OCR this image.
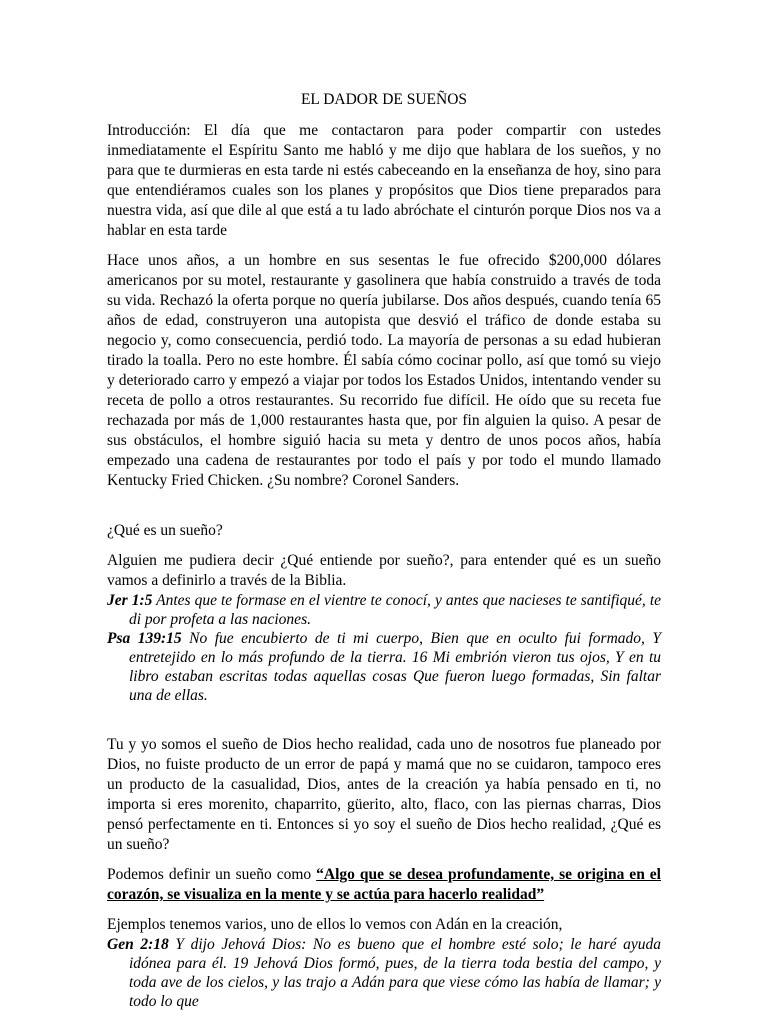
EL DADOR DE SUEÑOS

Introducción: El día que me contactaron para poder compartir con ustedes inmediatamente el Espíritu Santo me habló y me dijo que hablara de los sueños, y no para que te durmieras en esta tarde ni estés cabeceando en la enseñanza de hoy, sino para que entendiéramos cuales son los planes y propósitos que Dios tiene preparados para nuestra vida, así que dile al que está a tu lado abróchate el cinturón porque Dios nos va a hablar en esta tarde

Hace unos años, a un hombre en sus sesentas le fue ofrecido $200,000 dólares americanos por su motel, restaurante y gasolinera que había construido a través de toda su vida. Rechazó la oferta porque no quería jubilarse. Dos años después, cuando tenía 65 años de edad, construyeron una autopista que desvió el tráfico de donde estaba su negocio y, como consecuencia, perdió todo. La mayoría de personas a su edad hubieran tirado la toalla. Pero no este hombre. Él sabía cómo cocinar pollo, así que tomó su viejo y deteriorado carro y empezó a viajar por todos los Estados Unidos, intentando vender su receta de pollo a otros restaurantes. Su recorrido fue difícil. He oído que su receta fue rechazada por más de 1,000 restaurantes hasta que, por fin alguien la quiso. A pesar de sus obstáculos, el hombre siguió hacia su meta y dentro de unos pocos años, había empezado una cadena de restaurantes por todo el país y por todo el mundo llamado Kentucky Fried Chicken. ¿Su nombre? Coronel Sanders.

¿Qué es un sueño?

Alguien me pudiera decir ¿Qué entiende por sueño?, para entender qué es un sueño vamos a definirlo a través de la Biblia.

Jer 1:5 Antes que te formase en el vientre te conocí, y antes que nacieses te santifiqué, te di por profeta a las naciones.

Psa 139:15 No fue encubierto de ti mi cuerpo, Bien que en oculto fui formado, Y entretejido en lo más profundo de la tierra. 16 Mi embrión vieron tus ojos, Y en tu libro estaban escritas todas aquellas cosas Que fueron luego formadas, Sin faltar una de ellas.

Tu y yo somos el sueño de Dios hecho realidad, cada uno de nosotros fue planeado por Dios, no fuiste producto de un error de papá y mamá que no se cuidaron, tampoco eres un producto de la casualidad, Dios, antes de la creación ya había pensado en ti, no importa si eres morenito, chaparrito, güerito, alto, flaco, con las piernas charras, Dios pensó perfectamente en ti. Entonces si yo soy el sueño de Dios hecho realidad, ¿Qué es un sueño?

Podemos definir un sueño como “Algo que se desea profundamente, se origina en el corazón, se visualiza en la mente y se actúa para hacerlo realidad”

Ejemplos tenemos varios, uno de ellos lo vemos con Adán en la creación,

Gen 2:18 Y dijo Jehová Dios: No es bueno que el hombre esté solo; le haré ayuda idónea para él. 19 Jehová Dios formó, pues, de la tierra toda bestia del campo, y toda ave de los cielos, y las trajo a Adán para que viese cómo las había de llamar; y todo lo que
